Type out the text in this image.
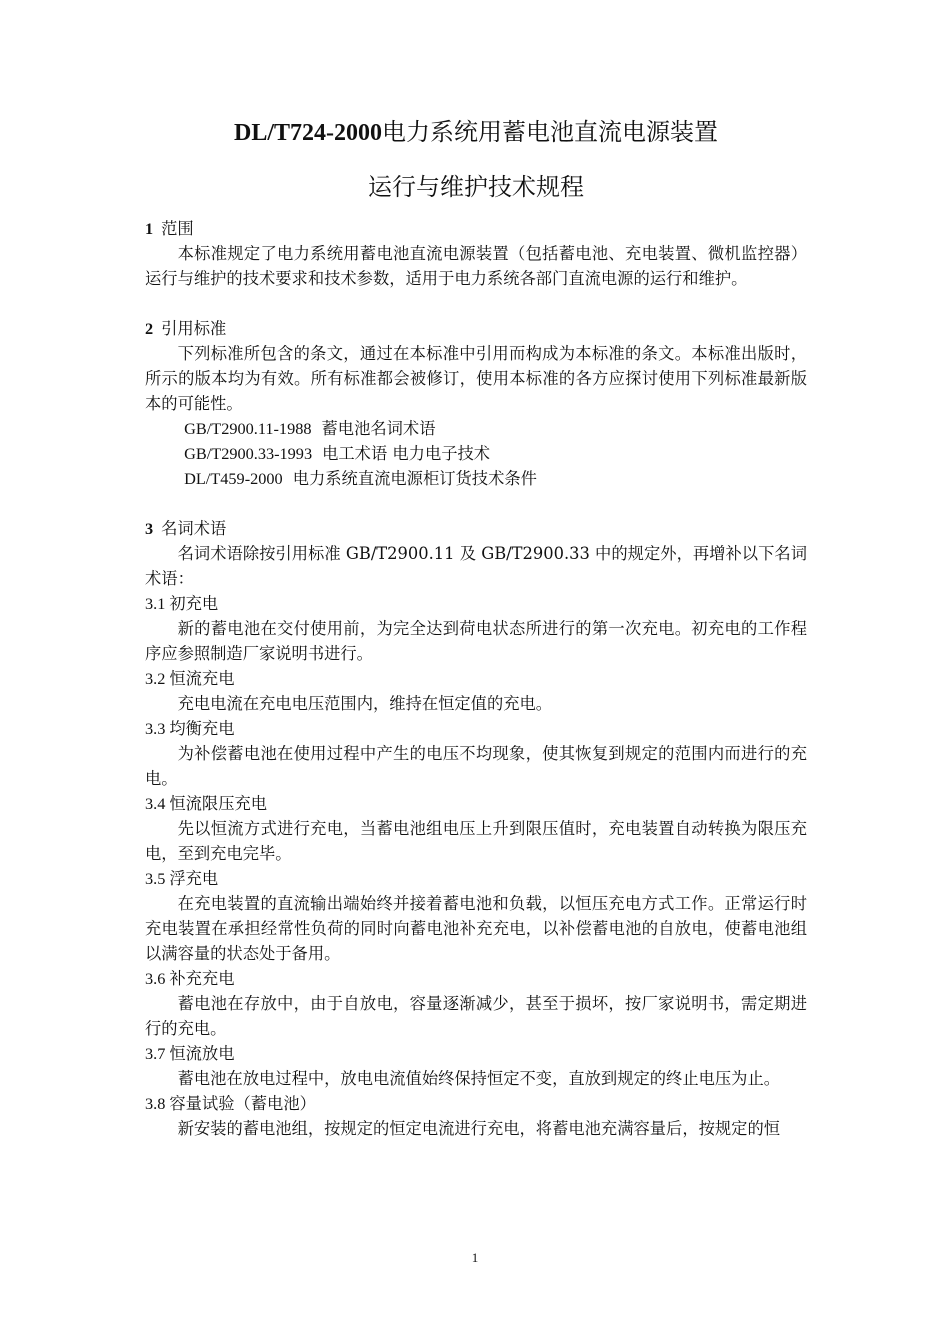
DL/T724-2000电力系统用蓄电池直流电源装置
运行与维护技术规程

1 范围

本标准规定了电力系统用蓄电池直流电源装置（包括蓄电池、充电装置、微机监控器）运行与维护的技术要求和技术参数，适用于电力系统各部门直流电源的运行和维护。

2 引用标准

下列标准所包含的条文，通过在本标准中引用而构成为本标准的条文。本标准出版时，所示的版本均为有效。所有标准都会被修订，使用本标准的各方应探讨使用下列标准最新版本的可能性。

GB/T2900.11-1988 蓄电池名词术语

GB/T2900.33-1993 电工术语 电力电子技术

DL/T459-2000 电力系统直流电源柜订货技术条件

3 名词术语

名词术语除按引用标准 GB/T2900.11 及 GB/T2900.33 中的规定外，再增补以下名词术语：

3.1 初充电

新的蓄电池在交付使用前，为完全达到荷电状态所进行的第一次充电。初充电的工作程序应参照制造厂家说明书进行。

3.2 恒流充电

充电电流在充电电压范围内，维持在恒定值的充电。

3.3 均衡充电

为补偿蓄电池在使用过程中产生的电压不均现象，使其恢复到规定的范围内而进行的充电。

3.4 恒流限压充电

先以恒流方式进行充电，当蓄电池组电压上升到限压值时，充电装置自动转换为限压充电，至到充电完毕。

3.5 浮充电

在充电装置的直流输出端始终并接着蓄电池和负载，以恒压充电方式工作。正常运行时充电装置在承担经常性负荷的同时向蓄电池补充充电，以补偿蓄电池的自放电，使蓄电池组以满容量的状态处于备用。

3.6 补充充电

蓄电池在存放中，由于自放电，容量逐渐减少，甚至于损坏，按厂家说明书，需定期进行的充电。

3.7 恒流放电

蓄电池在放电过程中，放电电流值始终保持恒定不变，直放到规定的终止电压为止。

3.8 容量试验（蓄电池）

新安装的蓄电池组，按规定的恒定电流进行充电，将蓄电池充满容量后，按规定的恒

1
